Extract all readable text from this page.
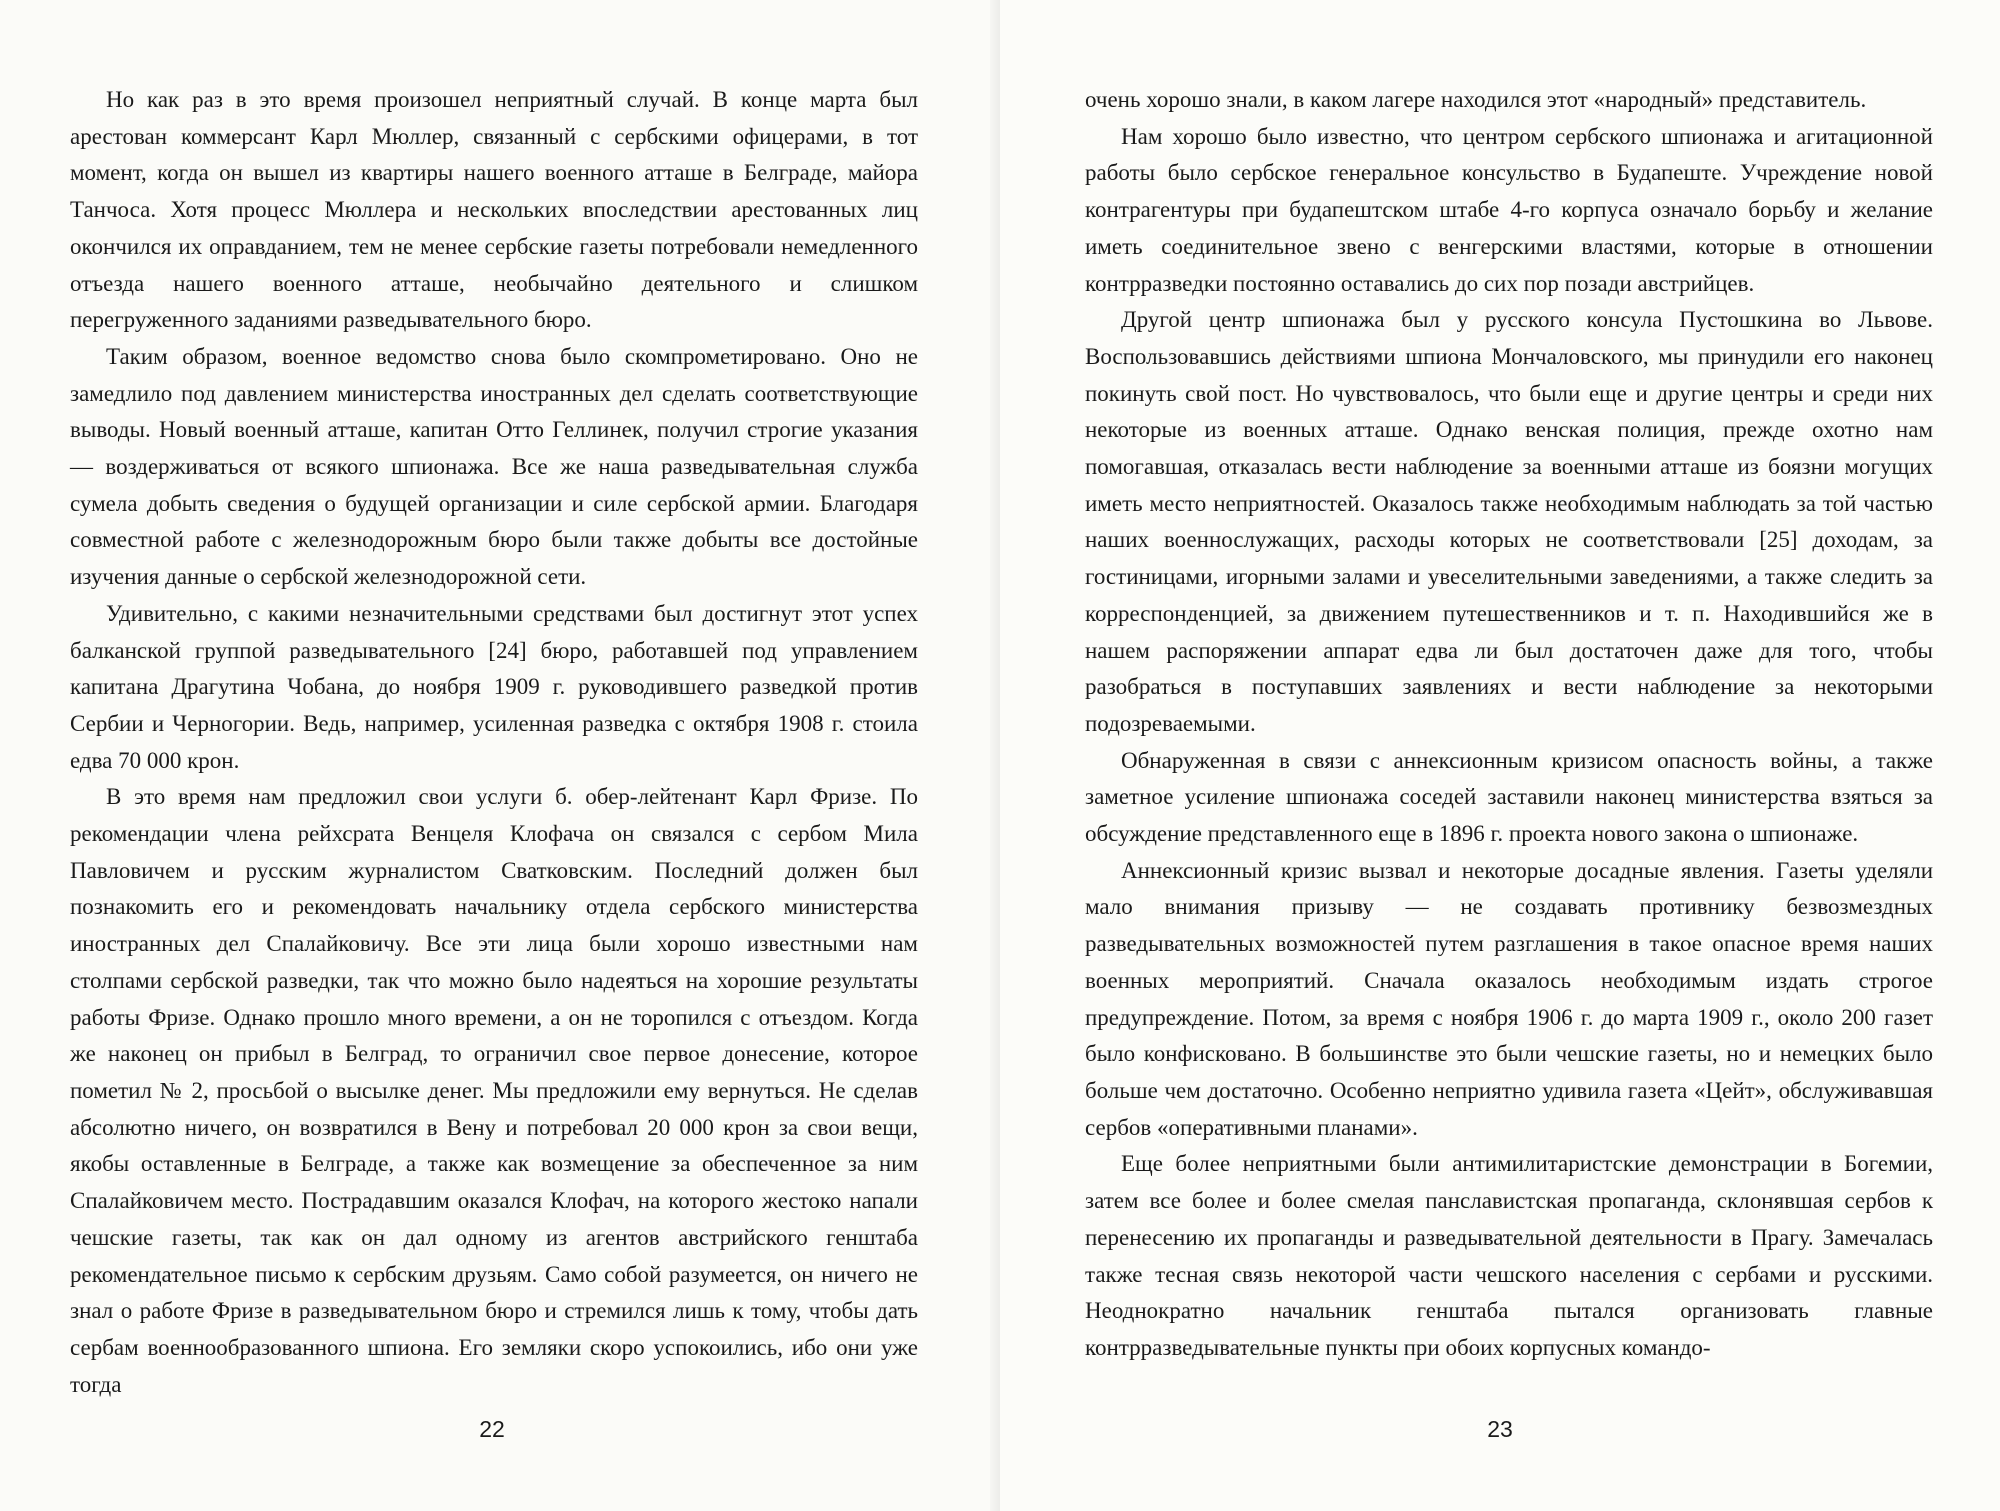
Но как раз в это время произошел неприятный случай. В конце марта был арестован коммерсант Карл Мюллер, связанный с сербскими офицерами, в тот момент, когда он вышел из квартиры нашего военного атташе в Белграде, майора Танчоса. Хотя процесс Мюллера и нескольких впоследствии арестованных лиц окончился их оправданием, тем не менее сербские газеты потребовали немедленного отъезда нашего военного атташе, необычайно деятельного и слишком перегруженного заданиями разведывательного бюро.

Таким образом, военное ведомство снова было скомпрометировано. Оно не замедлило под давлением министерства иностранных дел сделать соответствующие выводы. Новый военный атташе, капитан Отто Геллинек, получил строгие указания — воздерживаться от всякого шпионажа. Все же наша разведывательная служба сумела добыть сведения о будущей организации и силе сербской армии. Благодаря совместной работе с железнодорожным бюро были также добыты все достойные изучения данные о сербской железнодорожной сети.

Удивительно, с какими незначительными средствами был достигнут этот успех балканской группой разведывательного [24] бюро, работавшей под управлением капитана Драгутина Чобана, до ноября 1909 г. руководившего разведкой против Сербии и Черногории. Ведь, например, усиленная разведка с октября 1908 г. стоила едва 70 000 крон.

В это время нам предложил свои услуги б. обер-лейтенант Карл Фризе. По рекомендации члена рейхсрата Венцеля Клофача он связался с сербом Мила Павловичем и русским журналистом Сватковским. Последний должен был познакомить его и рекомендовать начальнику отдела сербского министерства иностранных дел Спалайковичу. Все эти лица были хорошо известными нам столпами сербской разведки, так что можно было надеяться на хорошие результаты работы Фризе. Однако прошло много времени, а он не торопился с отъездом. Когда же наконец он прибыл в Белград, то ограничил свое первое донесение, которое пометил № 2, просьбой о высылке денег. Мы предложили ему вернуться. Не сделав абсолютно ничего, он возвратился в Вену и потребовал 20 000 крон за свои вещи, якобы оставленные в Белграде, а также как возмещение за обеспеченное за ним Спалайковичем место. Пострадавшим оказался Клофач, на которого жестоко напали чешские газеты, так как он дал одному из агентов австрийского генштаба рекомендательное письмо к сербским друзьям. Само собой разумеется, он ничего не знал о работе Фризе в разведывательном бюро и стремился лишь к тому, чтобы дать сербам военнообразованного шпиона. Его земляки скоро успокоились, ибо они уже тогда

22

очень хорошо знали, в каком лагере находился этот «народный» представитель.

Нам хорошо было известно, что центром сербского шпионажа и агитационной работы было сербское генеральное консульство в Будапеште. Учреждение новой контрагентуры при будапештском штабе 4-го корпуса означало борьбу и желание иметь соединительное звено с венгерскими властями, которые в отношении контрразведки постоянно оставались до сих пор позади австрийцев.

Другой центр шпионажа был у русского консула Пустошкина во Львове. Воспользовавшись действиями шпиона Мончаловского, мы принудили его наконец покинуть свой пост. Но чувствовалось, что были еще и другие центры и среди них некоторые из военных атташе. Однако венская полиция, прежде охотно нам помогавшая, отказалась вести наблюдение за военными атташе из боязни могущих иметь место неприятностей. Оказалось также необходимым наблюдать за той частью наших военнослужащих, расходы которых не соответствовали [25] доходам, за гостиницами, игорными залами и увеселительными заведениями, а также следить за корреспонденцией, за движением путешественников и т. п. Находившийся же в нашем распоряжении аппарат едва ли был достаточен даже для того, чтобы разобраться в поступавших заявлениях и вести наблюдение за некоторыми подозреваемыми.

Обнаруженная в связи с аннексионным кризисом опасность войны, а также заметное усиление шпионажа соседей заставили наконец министерства взяться за обсуждение представленного еще в 1896 г. проекта нового закона о шпионаже.

Аннексионный кризис вызвал и некоторые досадные явления. Газеты уделяли мало внимания призыву — не создавать противнику безвозмездных разведывательных возможностей путем разглашения в такое опасное время наших военных мероприятий. Сначала оказалось необходимым издать строгое предупреждение. Потом, за время с ноября 1906 г. до марта 1909 г., около 200 газет было конфисковано. В большинстве это были чешские газеты, но и немецких было больше чем достаточно. Особенно неприятно удивила газета «Цейт», обслуживавшая сербов «оперативными планами».

Еще более неприятными были антимилитаристские демонстрации в Богемии, затем все более и более смелая панславистская пропаганда, склонявшая сербов к перенесению их пропаганды и разведывательной деятельности в Прагу. Замечалась также тесная связь некоторой части чешского населения с сербами и русскими. Неоднократно начальник генштаба пытался организовать главные контрразведывательные пункты при обоих корпусных командо-

23
